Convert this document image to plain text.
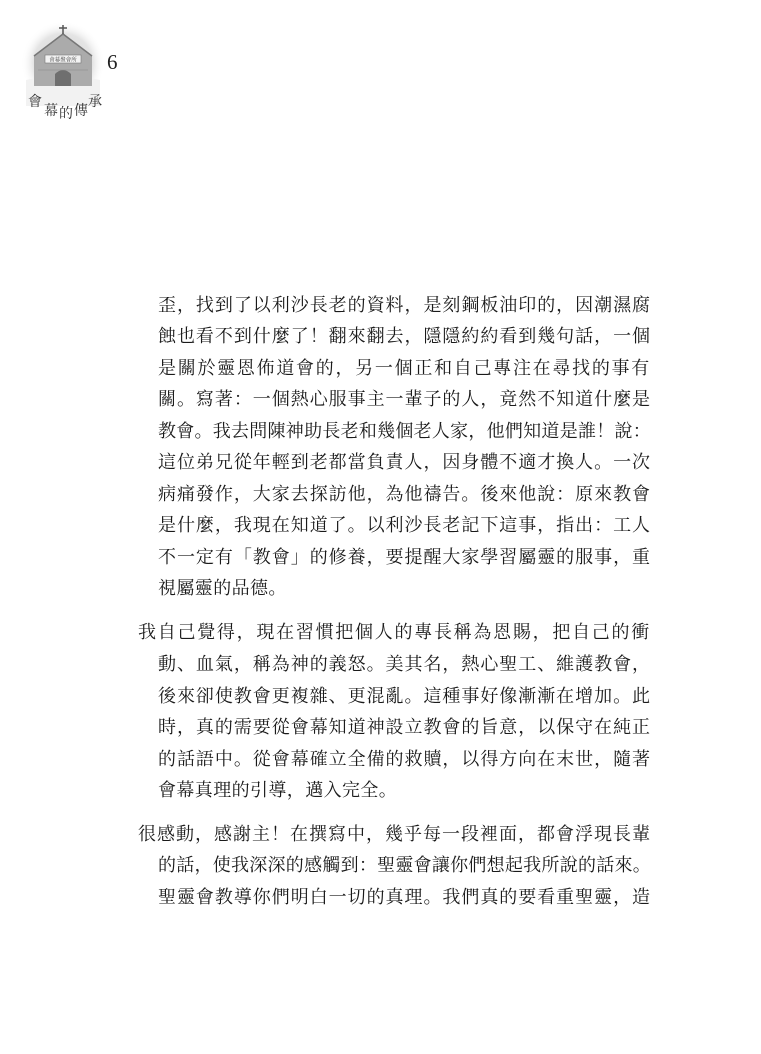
會幕聚會所 6
會
幕 的 傳
承
歪，找到了以利沙長老的資料，是刻鋼板油印的，因潮濕腐
蝕也看不到什麼了！翻來翻去，隱隱約約看到幾句話，一個
是關於靈恩佈道會的，另一個正和自己專注在尋找的事有
關。寫著：一個熱心服事主一輩子的人，竟然不知道什麼是
教會。我去問陳神助長老和幾個老人家，他們知道是誰！說：
這位弟兄從年輕到老都當負責人，因身體不適才換人。一次
病痛發作，大家去探訪他，為他禱告。後來他說：原來教會
是什麼，我現在知道了。以利沙長老記下這事，指出：工人
不一定有「教會」的修養，要提醒大家學習屬靈的服事，重
視屬靈的品德。
我自己覺得，現在習慣把個人的專長稱為恩賜，把自己的衝
動、血氣，稱為神的義怒。美其名，熱心聖工、維護教會，
後來卻使教會更複雜、更混亂。這種事好像漸漸在增加。此
時，真的需要從會幕知道神設立教會的旨意，以保守在純正
的話語中。從會幕確立全備的救贖，以得方向在末世，隨著
會幕真理的引導，邁入完全。
很感動，感謝主！在撰寫中，幾乎每一段裡面，都會浮現長輩
的話，使我深深的感觸到：聖靈會讓你們想起我所說的話來。
聖靈會教導你們明白一切的真理。我們真的要看重聖靈，造
